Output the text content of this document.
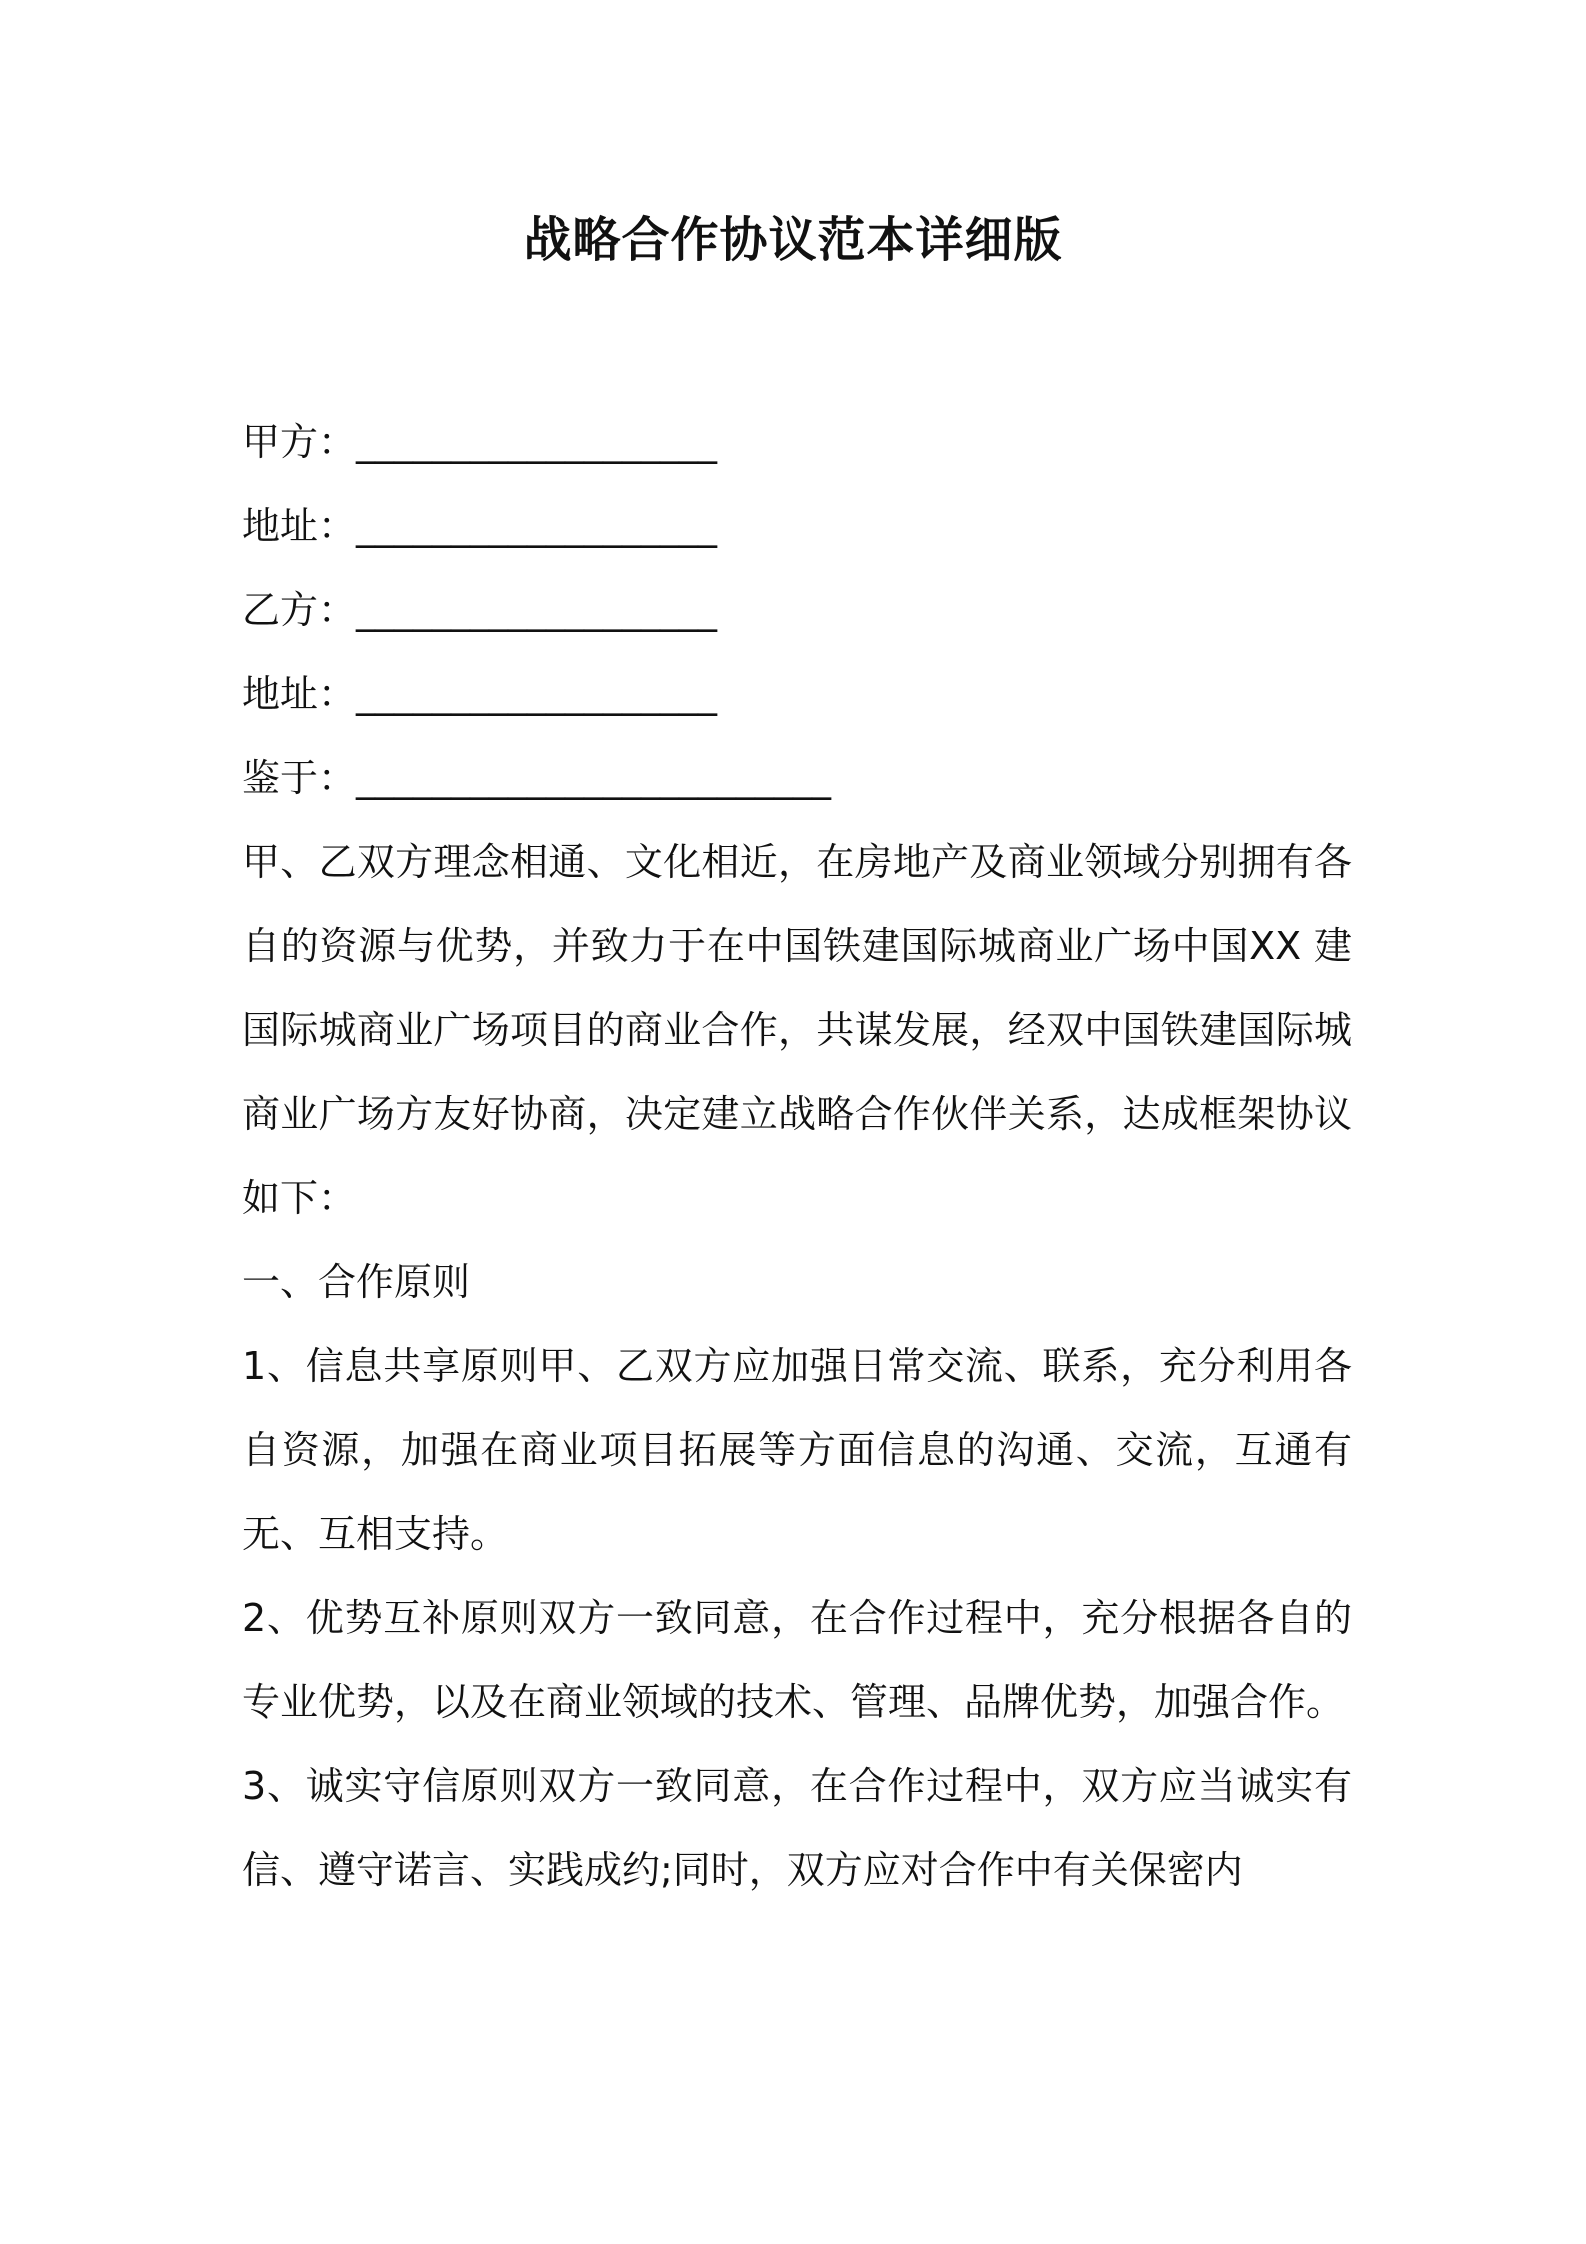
战略合作协议范本详细版
甲方：___________________
地址：___________________
乙方：___________________
地址：___________________
鉴于：_________________________

甲、乙双方理念相通、文化相近，在房地产及商业领域分别拥有各自的资源与优势，并致力于在中国铁建国际城商业广场中国XX 建国际城商业广场项目的商业合作，共谋发展，经双中国铁建国际城商业广场方友好协商，决定建立战略合作伙伴关系，达成框架协议如下：

一、合作原则

1、信息共享原则甲、乙双方应加强日常交流、联系，充分利用各自资源，加强在商业项目拓展等方面信息的沟通、交流，互通有无、互相支持。

2、优势互补原则双方一致同意，在合作过程中，充分根据各自的专业优势，以及在商业领域的技术、管理、品牌优势，加强合作。

3、诚实守信原则双方一致同意，在合作过程中，双方应当诚实有信、遵守诺言、实践成约;同时，双方应对合作中有关保密内
